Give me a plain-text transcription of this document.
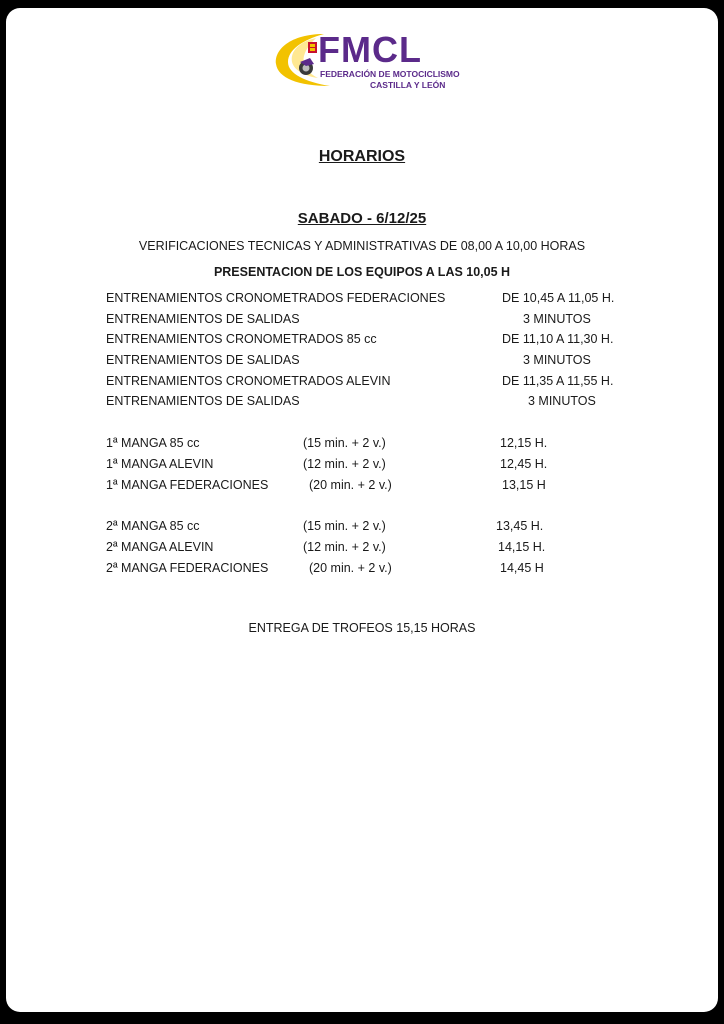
FMCL
FEDERACIÓN DE MOTOCICLISMO
CASTILLA Y LEÓN
HORARIOS
SABADO - 6/12/25
VERIFICACIONES TECNICAS Y ADMINISTRATIVAS DE 08,00 A 10,00 HORAS
PRESENTACION DE LOS EQUIPOS A LAS 10,05 H
ENTRENAMIENTOS CRONOMETRADOS FEDERACIONES	DE 10,45 A 11,05 H.
ENTRENAMIENTOS DE SALIDAS	3 MINUTOS
ENTRENAMIENTOS CRONOMETRADOS 85 cc	DE 11,10 A 11,30 H.
ENTRENAMIENTOS DE SALIDAS	3 MINUTOS
ENTRENAMIENTOS CRONOMETRADOS ALEVIN	DE 11,35 A 11,55 H.
ENTRENAMIENTOS DE SALIDAS	3 MINUTOS
1ª MANGA 85 cc	(15 min. + 2 v.)	12,15 H.
1ª MANGA ALEVIN	(12 min. + 2 v.)	12,45 H.
1ª MANGA FEDERACIONES	(20 min. + 2 v.)	13,15 H
2ª MANGA 85 cc	(15 min. + 2 v.)	13,45 H.
2ª MANGA ALEVIN	(12 min. + 2 v.)	14,15 H.
2ª MANGA FEDERACIONES	(20 min. + 2 v.)	14,45 H
ENTREGA DE TROFEOS 15,15 HORAS
